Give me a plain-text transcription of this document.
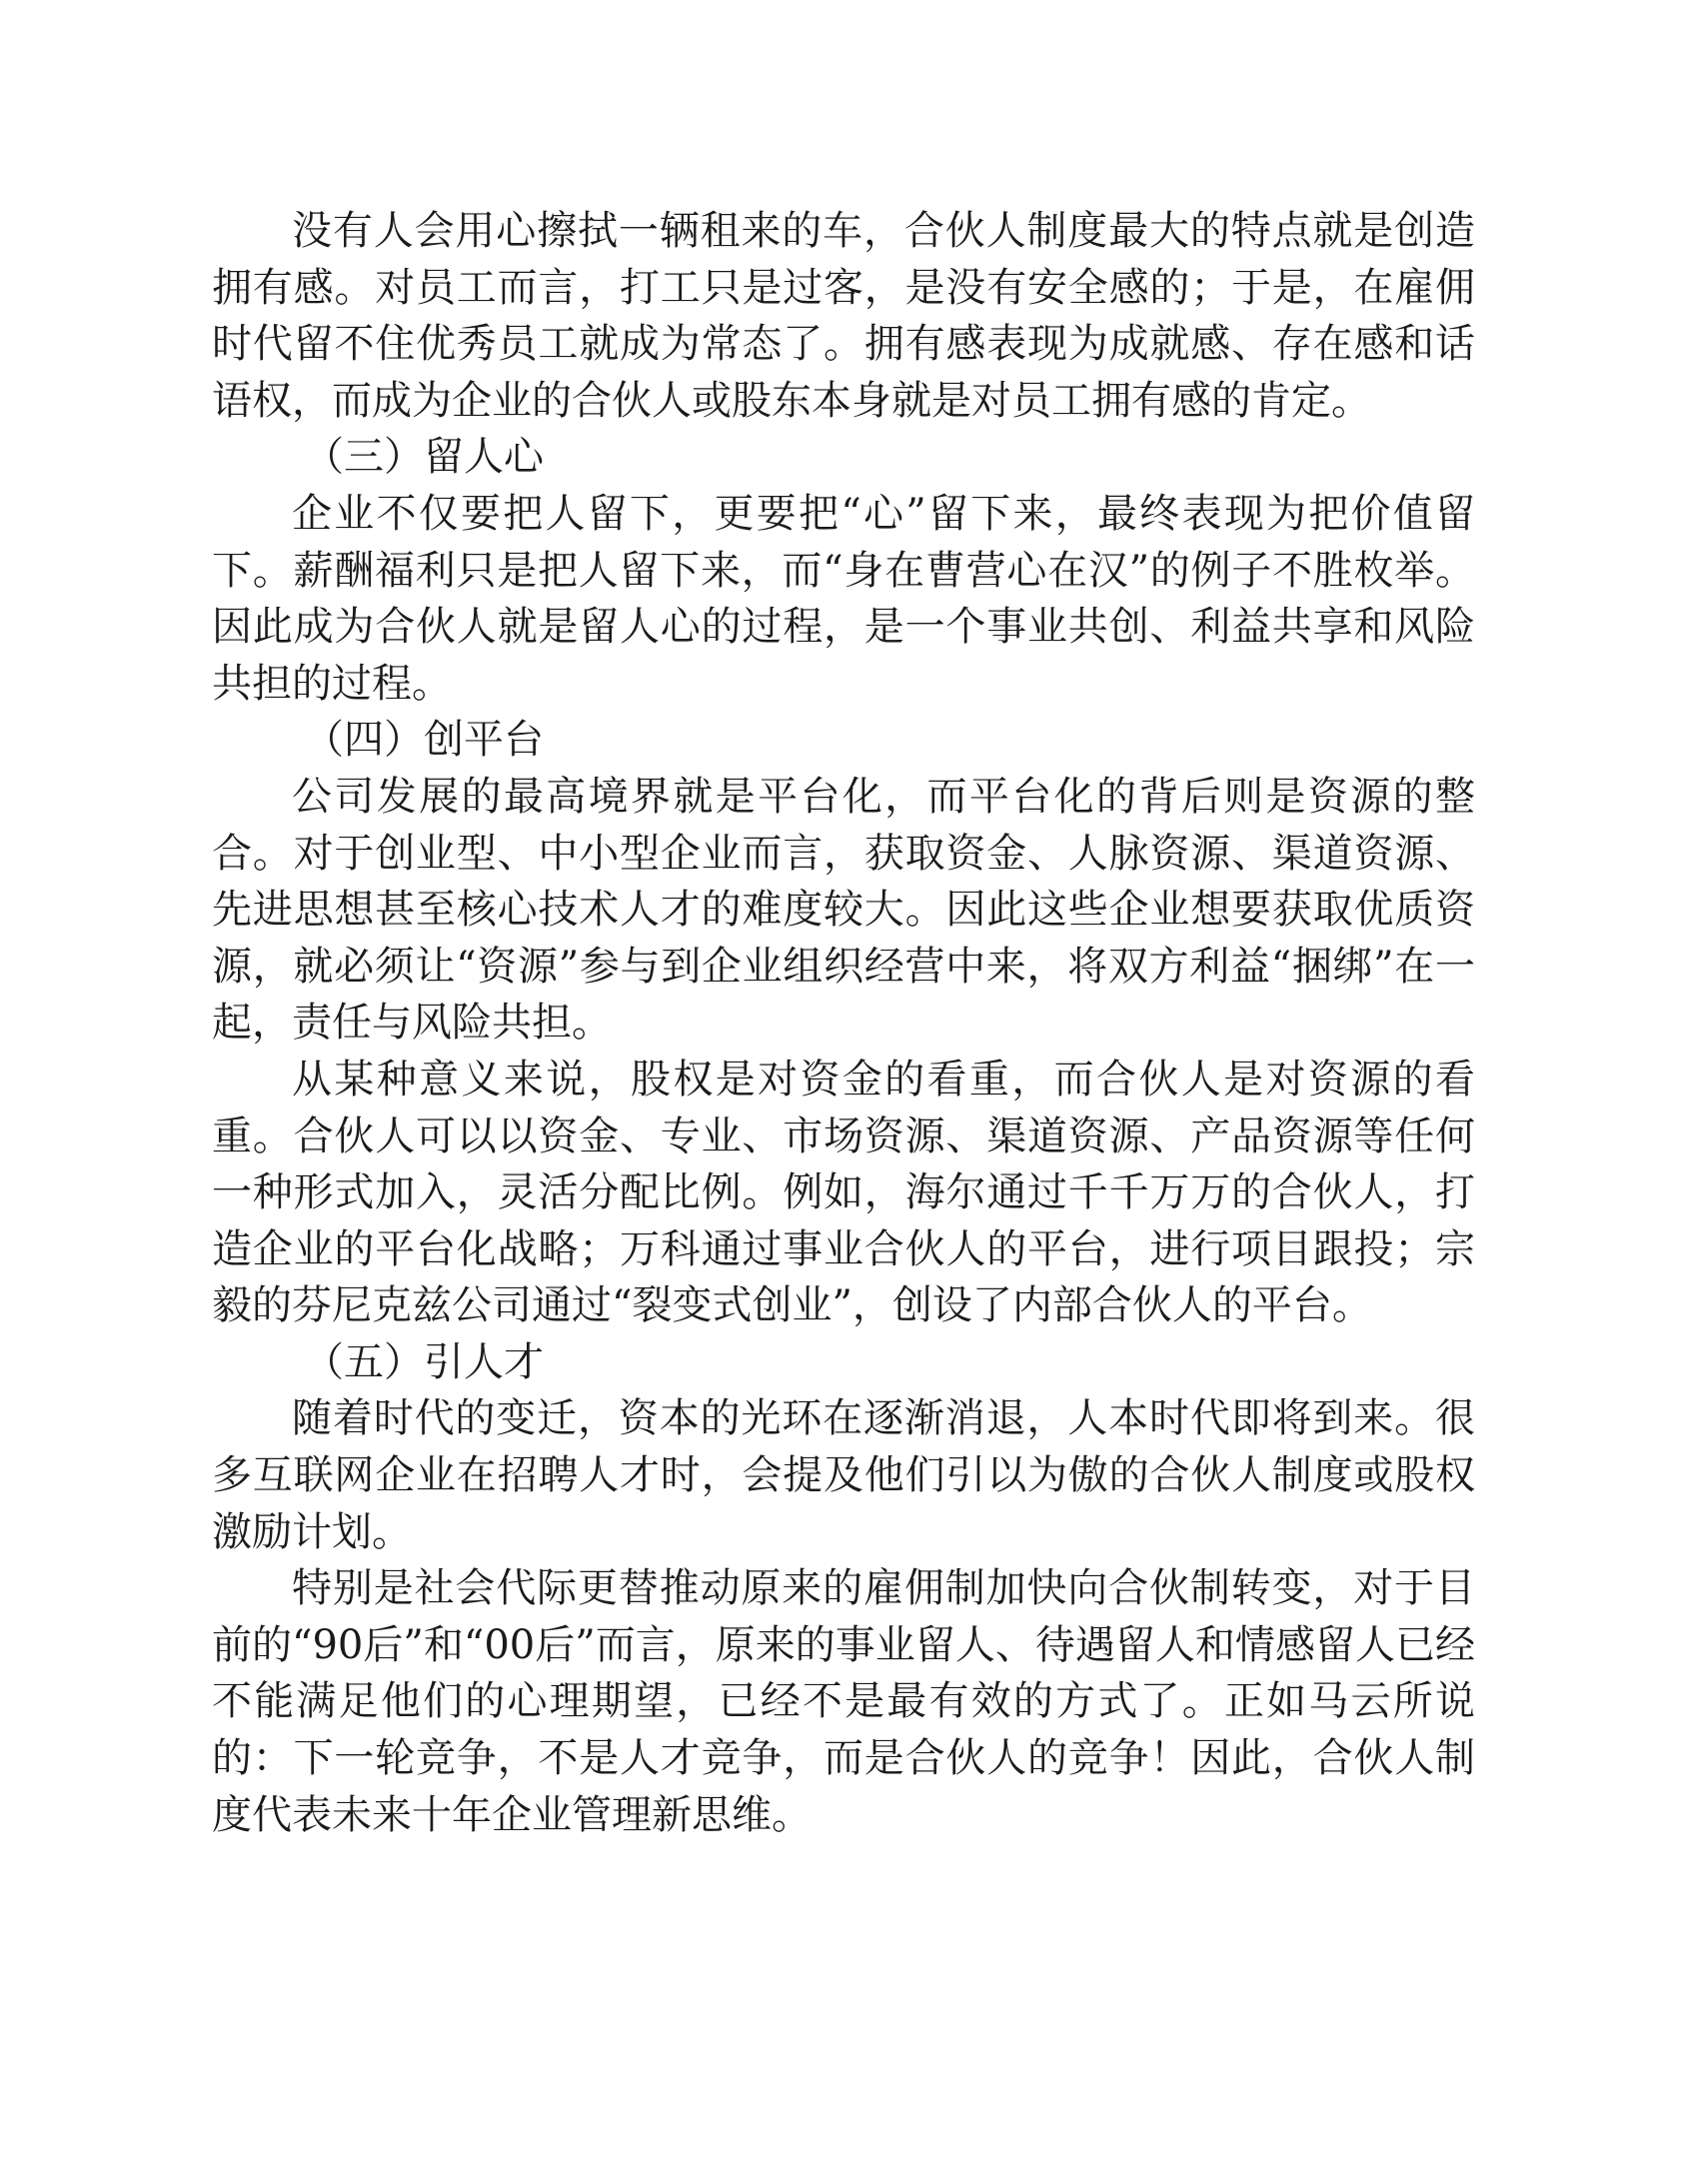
没有人会用心擦拭一辆租来的车，合伙人制度最大的特点就是创造拥有感。对员工而言，打工只是过客，是没有安全感的；于是，在雇佣时代留不住优秀员工就成为常态了。拥有感表现为成就感、存在感和话语权，而成为企业的合伙人或股东本身就是对员工拥有感的肯定。

（三）留人心

企业不仅要把人留下，更要把“心”留下来，最终表现为把价值留下。薪酬福利只是把人留下来，而“身在曹营心在汉”的例子不胜枚举。因此成为合伙人就是留人心的过程，是一个事业共创、利益共享和风险共担的过程。

（四）创平台

公司发展的最高境界就是平台化，而平台化的背后则是资源的整合。对于创业型、中小型企业而言，获取资金、人脉资源、渠道资源、先进思想甚至核心技术人才的难度较大。因此这些企业想要获取优质资源，就必须让“资源”参与到企业组织经营中来，将双方利益“捆绑”在一起，责任与风险共担。

从某种意义来说，股权是对资金的看重，而合伙人是对资源的看重。合伙人可以以资金、专业、市场资源、渠道资源、产品资源等任何一种形式加入，灵活分配比例。例如，海尔通过千千万万的合伙人，打造企业的平台化战略；万科通过事业合伙人的平台，进行项目跟投；宗毅的芬尼克兹公司通过“裂变式创业”，创设了内部合伙人的平台。

（五）引人才

随着时代的变迁，资本的光环在逐渐消退，人本时代即将到来。很多互联网企业在招聘人才时，会提及他们引以为傲的合伙人制度或股权激励计划。

特别是社会代际更替推动原来的雇佣制加快向合伙制转变，对于目前的“90后”和“00后”而言，原来的事业留人、待遇留人和情感留人已经不能满足他们的心理期望，已经不是最有效的方式了。正如马云所说的：下一轮竞争，不是人才竞争，而是合伙人的竞争！因此，合伙人制度代表未来十年企业管理新思维。
